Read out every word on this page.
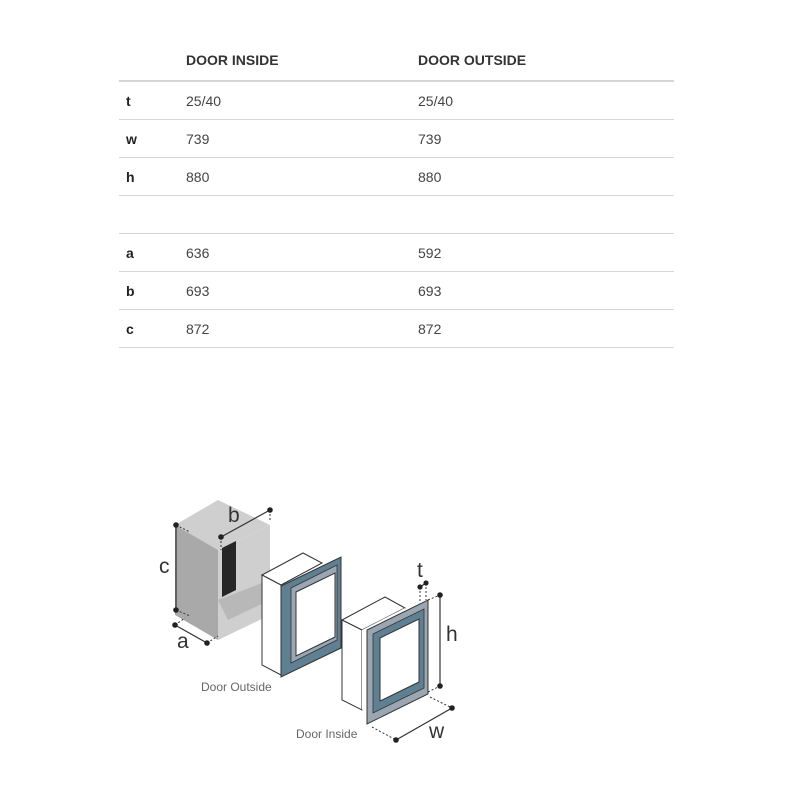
	DOOR INSIDE	DOOR OUTSIDE
t	25/40	25/40
w	739	739
h	880	880

a	636	592
b	693	693
c	872	872
c
b
a
Door Outside
Door Inside
t
h
w
